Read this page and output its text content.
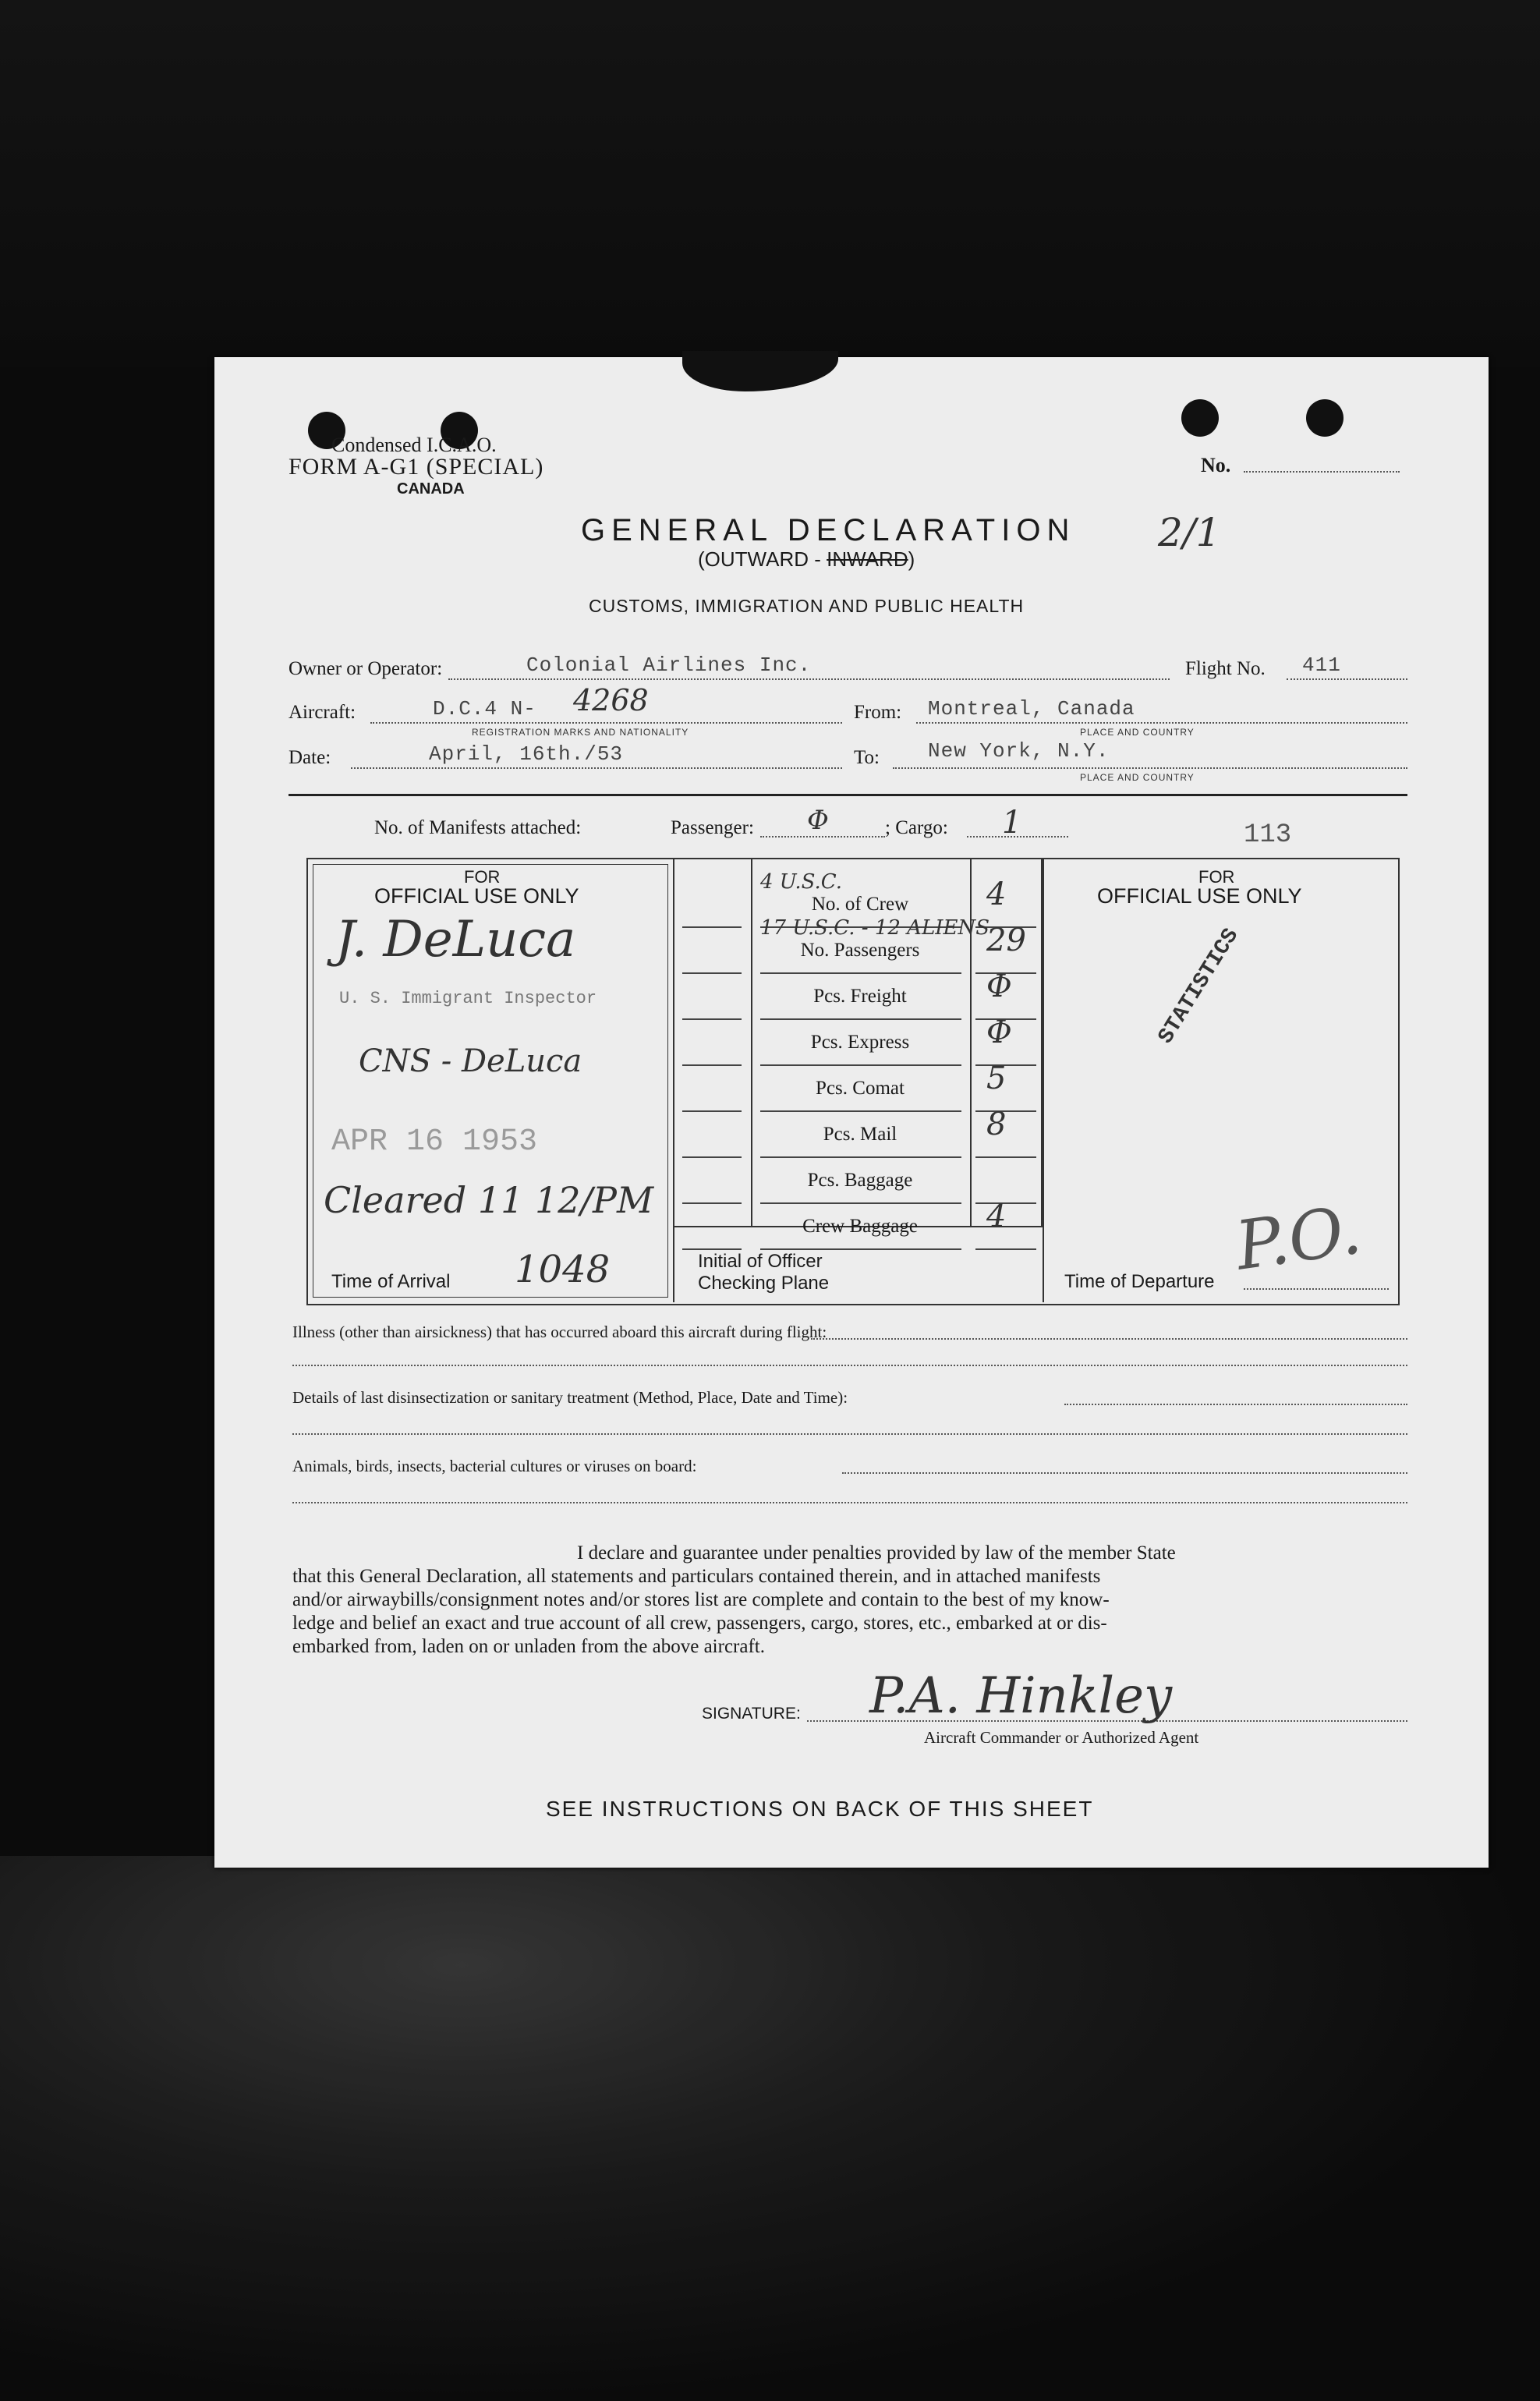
Condensed I.C.A.O.
FORM A-G1 (SPECIAL)
CANADA
No.
GENERAL DECLARATION 2/1
(OUTWARD - INWARD)
CUSTOMS, IMMIGRATION AND PUBLIC HEALTH
Owner or Operator:	Colonial Airlines Inc.	Flight No. 411
Aircraft:	D.C.4 N- 4268
REGISTRATION MARKS AND NATIONALITY
From: Montreal, Canada
PLACE AND COUNTRY
Date:	April, 16th./53	To: New York, N.Y.
PLACE AND COUNTRY
No. of Manifests attached:	Passenger: Φ	; Cargo: 1	113
FOR
OFFICIAL USE ONLY
J. DeLuca
U. S. Immigrant Inspector
CNS - DeLuca
APR 16 1953
Cleared 11 12/PM
Time of Arrival 1048	Initial of Officer
Checking Plane
FOR
OFFICIAL USE ONLY
STATISTICS
Time of Departure P.O.
Illness (other than airsickness) that has occurred aboard this aircraft during flight:
Details of last disinsectization or sanitary treatment (Method, Place, Date and Time):
Animals, birds, insects, bacterial cultures or viruses on board:
I declare and guarantee under penalties provided by law of the member State
that this General Declaration, all statements and particulars contained therein, and in attached manifests
and/or airwaybills/consignment notes and/or stores list are complete and contain to the best of my know-
ledge and belief an exact and true account of all crew, passengers, cargo, stores, etc., embarked at or dis-
embarked from, laden on or unladen from the above aircraft.
SIGNATURE: P.A. Hinkley
Aircraft Commander or Authorized Agent
SEE INSTRUCTIONS ON BACK OF THIS SHEET
No. of Crew	4
4 U.S.C.
No. Passengers	29
17 U.S.C. - 12 ALIENS
Pcs. Freight	Φ
Pcs. Express	Φ
Pcs. Comat	5
Pcs. Mail	8
Pcs. Baggage
Crew Baggage	4
